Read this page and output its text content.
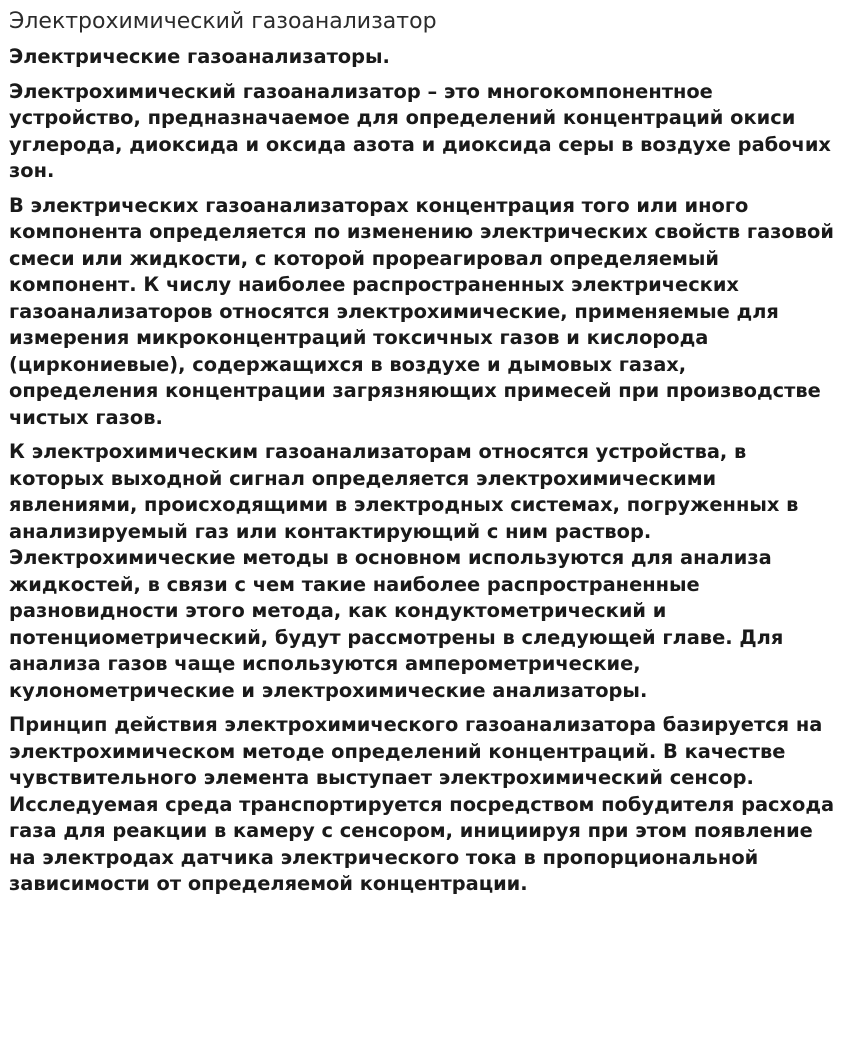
Электрохимический газоанализатор

Электрические газоанализаторы.

Электрохимический газоанализатор – это многокомпонентное устройство, предназначаемое для определений концентраций окиси углерода, диоксида и оксида азота и диоксида серы в воздухе рабочих зон.

В электрических газоанализаторах концентрация того или иного компонента определяется по изменению электрических свойств газовой смеси или жидкости, с которой прореагировал определяемый компонент. К числу наиболее распространенных электрических газоанализаторов относятся электрохимические, применяемые для измерения микроконцентраций токсичных газов и кислорода (циркониевые), содержащихся в воздухе и дымовых газах, определения концентрации загрязняющих примесей при производстве чистых газов.

К электрохимическим газоанализаторам относятся устройства, в которых выходной сигнал определяется электрохимическими явлениями, происходящими в электродных системах, погруженных в анализируемый газ или контактирующий с ним раствор. Электрохимические методы в основном используются для анализа жидкостей, в связи с чем такие наиболее распространенные разновидности этого метода, как кондуктометрический и потенциометрический, будут рассмотрены в следующей главе. Для анализа газов чаще используются амперометрические, кулонометрические и электрохимические анализаторы.

Принцип действия электрохимического газоанализатора базируется на электрохимическом методе определений концентраций. В качестве чувствительного элемента выступает электрохимический сенсор. Исследуемая среда транспортируется посредством побудителя расхода газа для реакции в камеру с сенсором, инициируя при этом появление на электродах датчика электрического тока в пропорциональной зависимости от определяемой концентрации.
